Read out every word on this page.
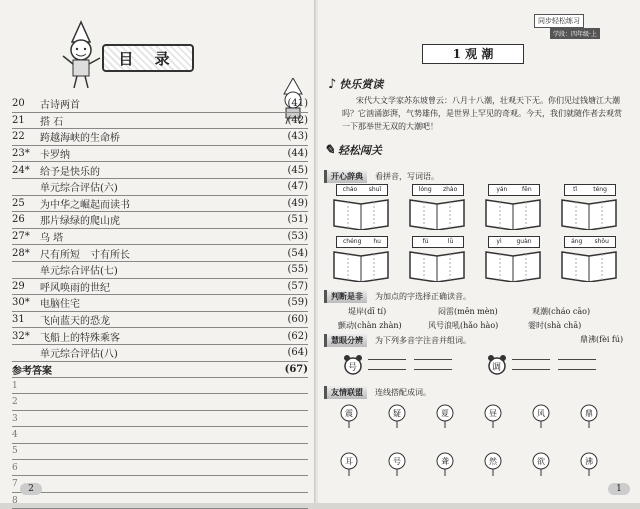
目 录
20	古诗两首	(41)
21	搭 石	(42)
22	跨越海峡的生命桥	(43)
23*	卡罗纳	(44)
24*	给予是快乐的	(45)
单元综合评估(六)	(47)
25	为中华之崛起而读书	(49)
26	那片绿绿的爬山虎	(51)
27*	乌 塔	(53)
28*	尺有所短　寸有所长	(54)
单元综合评估(七)	(55)
29	呼风唤雨的世纪	(57)
30*	电脑住宅	(59)
31	飞向蓝天的恐龙	(60)
32*	飞船上的特殊乘客	(62)
单元综合评估(八)	(64)
参考答案	(67)
1
2
3
4
5
6
7
8
2
同步轻松练习
学段：四年级·上
1 观 潮
♪ 快乐赏读
宋代大文学家苏东坡曾云：八月十八潮，壮观天下无。你们见过钱塘江大潮吗？它汹涌澎湃，气势雄伟，是世界上罕见的奇观。今天，我们就随作者去观赏一下那举世无双的大潮吧！
✎ 轻松闯关
开心辞典	看拼音，写词语。
cháo shuǐ	lóng zhào	yán fēn	tǐ	téng
chéng hu	fú	lǜ	yì guàn	áng shǒu
判断是非	为加点的字选择正确读音。
堤岸(dī tí)	闷雷(mēn mèn)	观潮(cháo cāo)
颤动(chàn zhàn)	风号浪吼(hǎo hào)	霎时(shà chā)
鼎沸(fèi fú)
慧眼分辨	为下列多音字注音并组词。
号	调
友情联盟	连线搭配成词。
震	疑	夏	昼	风	鼎
耳	号	聋	然	欲	沸
1
